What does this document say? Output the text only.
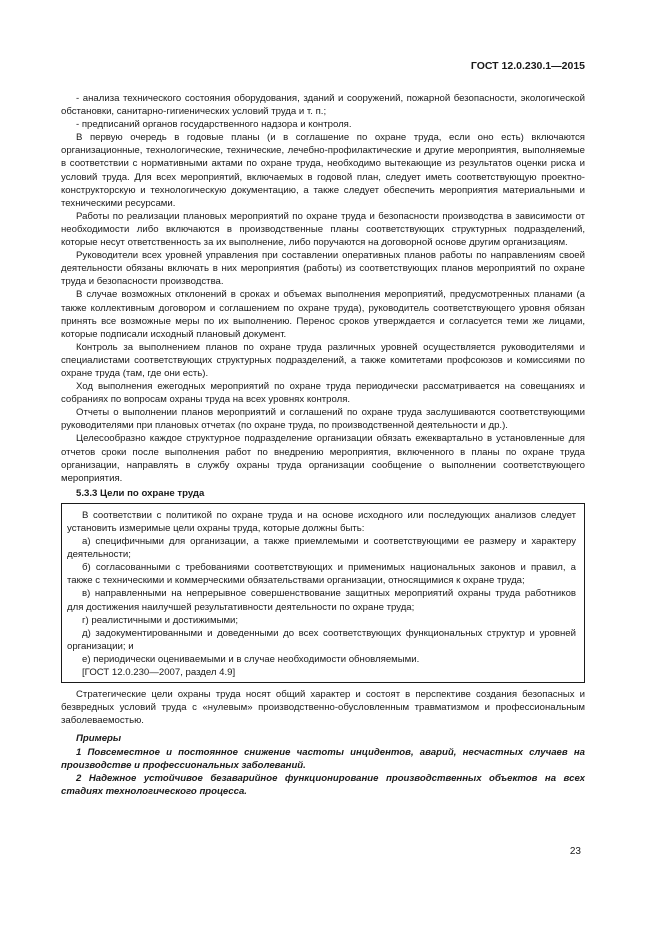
ГОСТ 12.0.230.1—2015

- анализа технического состояния оборудования, зданий и сооружений, пожарной безопасности, экологической обстановки, санитарно-гигиенических условий труда и т. п.;

- предписаний органов государственного надзора и контроля.

В первую очередь в годовые планы (и в соглашение по охране труда, если оно есть) включаются организационные, технологические, технические, лечебно-профилактические и другие мероприятия, выполняемые в соответствии с нормативными актами по охране труда, необходимо вытекающие из результатов оценки риска и условий труда. Для всех мероприятий, включаемых в годовой план, следует иметь соответствующую проектно-конструкторскую и технологическую документацию, а также следует обеспечить мероприятия материальными и техническими ресурсами.

Работы по реализации плановых мероприятий по охране труда и безопасности производства в зависимости от необходимости либо включаются в производственные планы соответствующих структурных подразделений, которые несут ответственность за их выполнение, либо поручаются на договорной основе другим организациям.

Руководители всех уровней управления при составлении оперативных планов работы по направлениям своей деятельности обязаны включать в них мероприятия (работы) из соответствующих планов мероприятий по охране труда и безопасности производства.

В случае возможных отклонений в сроках и объемах выполнения мероприятий, предусмотренных планами (а также коллективным договором и соглашением по охране труда), руководитель соответствующего уровня обязан принять все возможные меры по их выполнению. Перенос сроков утверждается и согласуется теми же лицами, которые подписали исходный плановый документ.

Контроль за выполнением планов по охране труда различных уровней осуществляется руководителями и специалистами соответствующих структурных подразделений, а также комитетами профсоюзов и комиссиями по охране труда (там, где они есть).

Ход выполнения ежегодных мероприятий по охране труда периодически рассматривается на совещаниях и собраниях по вопросам охраны труда на всех уровнях контроля.

Отчеты о выполнении планов мероприятий и соглашений по охране труда заслушиваются соответствующими руководителями при плановых отчетах (по охране труда, по производственной деятельности и др.).

Целесообразно каждое структурное подразделение организации обязать ежеквартально в установленные для отчетов сроки после выполнения работ по внедрению мероприятия, включенного в планы по охране труда организации, направлять в службу охраны труда организации сообщение о выполнении соответствующего мероприятия.

5.3.3 Цели по охране труда

В соответствии с политикой по охране труда и на основе исходного или последующих анализов следует установить измеримые цели охраны труда, которые должны быть:

а) специфичными для организации, а также приемлемыми и соответствующими ее размеру и характеру деятельности;

б) согласованными с требованиями соответствующих и применимых национальных законов и правил, а также с техническими и коммерческими обязательствами организации, относящимися к охране труда;

в) направленными на непрерывное совершенствование защитных мероприятий охраны труда работников для достижения наилучшей результативности деятельности по охране труда;

г) реалистичными и достижимыми;

д) задокументированными и доведенными до всех соответствующих функциональных структур и уровней организации; и

е) периодически оцениваемыми и в случае необходимости обновляемыми.

[ГОСТ 12.0.230—2007, раздел 4.9]

Стратегические цели охраны труда носят общий характер и состоят в перспективе создания безопасных и безвредных условий труда с «нулевым» производственно-обусловленным травматизмом и профессиональным заболеваемостью.

Примеры

1 Повсеместное и постоянное снижение частоты инцидентов, аварий, несчастных случаев на производстве и профессиональных заболеваний.

2 Надежное устойчивое безаварийное функционирование производственных объектов на всех стадиях технологического процесса.

23
